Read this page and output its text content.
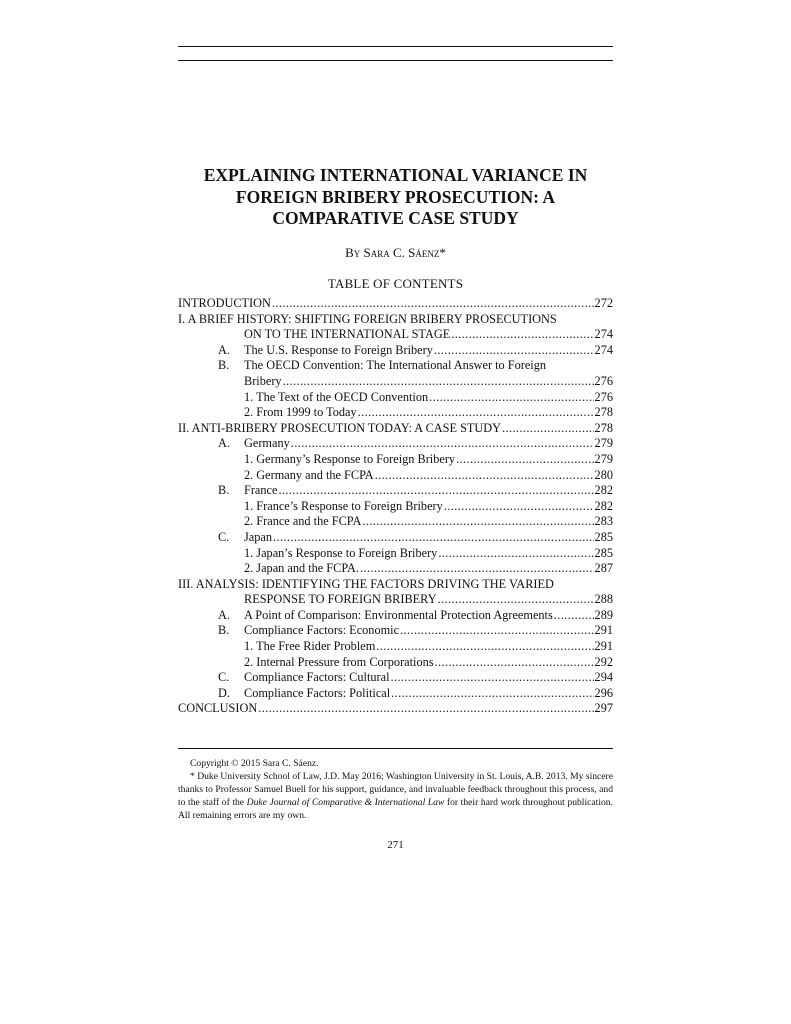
EXPLAINING INTERNATIONAL VARIANCE IN
FOREIGN BRIBERY PROSECUTION: A
COMPARATIVE CASE STUDY
By Sara C. Sáenz*
TABLE OF CONTENTS
INTRODUCTION .....	272
I. A BRIEF HISTORY: SHIFTING FOREIGN BRIBERY PROSECUTIONS
ON TO THE INTERNATIONAL STAGE .....	274
A.	The U.S. Response to Foreign Bribery .....	274
B.	The OECD Convention: The International Answer to Foreign
Bribery .....	276
1. The Text of the OECD Convention .....	276
2. From 1999 to Today .....	278
II. ANTI-BRIBERY PROSECUTION TODAY: A CASE STUDY .....	278
A.	Germany .....	279
1. Germany’s Response to Foreign Bribery .....	279
2. Germany and the FCPA .....	280
B.	France .....	282
1. France’s Response to Foreign Bribery .....	282
2. France and the FCPA .....	283
C.	Japan .....	285
1. Japan’s Response to Foreign Bribery .....	285
2. Japan and the FCPA. .....	287
III. ANALYSIS: IDENTIFYING THE FACTORS DRIVING THE VARIED
RESPONSE TO FOREIGN BRIBERY .....	288
A.	A Point of Comparison: Environmental Protection Agreements .....	289
B.	Compliance Factors: Economic .....	291
1. The Free Rider Problem .....	291
2. Internal Pressure from Corporations .....	292
C.	Compliance Factors: Cultural .....	294
D.	Compliance Factors: Political .....	296
CONCLUSION .....	297

Copyright © 2015 Sara C. Sáenz.

* Duke University School of Law, J.D. May 2016; Washington University in St. Louis, A.B. 2013. My sincere thanks to Professor Samuel Buell for his support, guidance, and invaluable feedback throughout this process, and to the staff of the Duke Journal of Comparative & International Law for their hard work throughout publication. All remaining errors are my own.

271
